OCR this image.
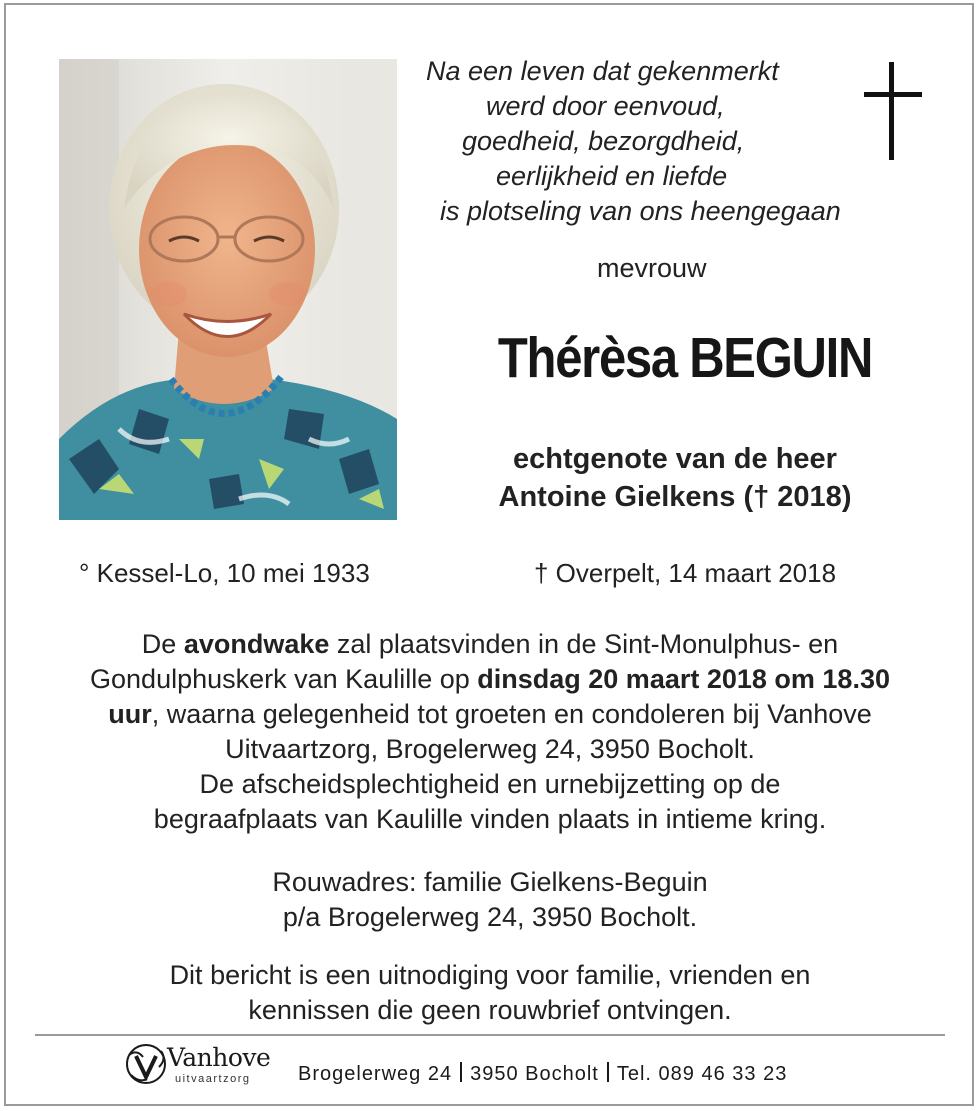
Na een leven dat gekenmerkt
werd door eenvoud,
goedheid, bezorgdheid,
eerlijkheid en liefde
is plotseling van ons heengegaan
mevrouw
Thérèsa BEGUIN
echtgenote van de heer
Antoine Gielkens († 2018)
° Kessel-Lo, 10 mei 1933	† Overpelt, 14 maart 2018
De avondwake zal plaatsvinden in de Sint-Monulphus- en Gondulphuskerk van Kaulille op dinsdag 20 maart 2018 om 18.30 uur, waarna gelegenheid tot groeten en condoleren bij Vanhove Uitvaartzorg, Brogelerweg 24, 3950 Bocholt.
De afscheidsplechtigheid en urnebijzetting op de
begraafplaats van Kaulille vinden plaats in intieme kring.
Rouwadres: familie Gielkens-Beguin
p/a Brogelerweg 24, 3950 Bocholt.
Dit bericht is een uitnodiging voor familie, vrienden en
kennissen die geen rouwbrief ontvingen.
Vanhove
uitvaartzorg Brogelerweg 24 3950 Bocholt Tel. 089 46 33 23
